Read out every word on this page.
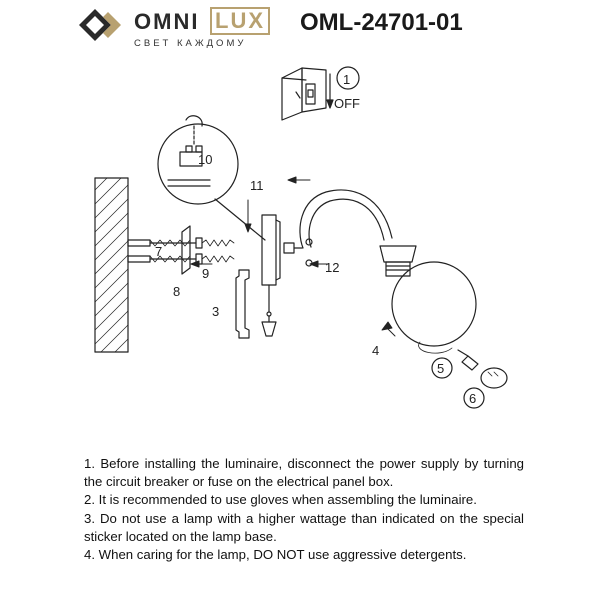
OMNI LUX
СВЕТ КАЖДОМУ
OML-24701-01
1
OFF
10
11
7
9
8
12
3
4
5
6

1. Before installing the luminaire, disconnect the power supply by turning the circuit breaker or fuse on the electrical panel box.

2. It is recommended to use gloves when assembling the luminaire.

3. Do not use a lamp with a higher wattage than indicated on the special sticker located on the lamp base.

4. When caring for the lamp, DO NOT use aggressive detergents.
